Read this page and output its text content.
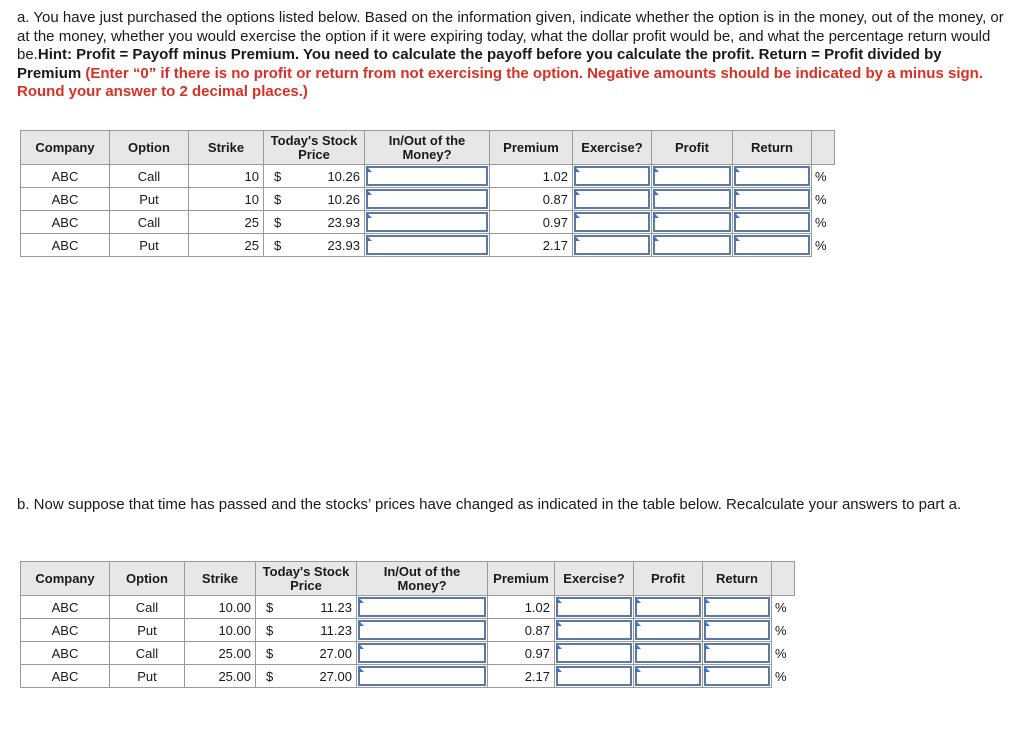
a. You have just purchased the options listed below. Based on the information given, indicate whether the option is in the money, out of the money, or at the money, whether you would exercise the option if it were expiring today, what the dollar profit would be, and what the percentage return would be.Hint: Profit = Payoff minus Premium. You need to calculate the payoff before you calculate the profit. Return = Profit divided by Premium (Enter “0” if there is no profit or return from not exercising the option. Negative amounts should be indicated by a minus sign. Round your answer to 2 decimal places.)
Company	Option	Strike	Today's Stock Price		In/Out of the Money?	Premium	Exercise?	Profit	Return	
ABC	Call	10	$	10.26		1.02				%
ABC	Put	10	$	10.26		0.87				%
ABC	Call	25	$	23.93		0.97				%
ABC	Put	25	$	23.93		2.17				%
b. Now suppose that time has passed and the stocks’ prices have changed as indicated in the table below. Recalculate your answers to part a.
Company	Option	Strike	Today's Stock Price		In/Out of the Money?	Premium	Exercise?	Profit	Return	
ABC	Call	10.00	$	11.23		1.02				%
ABC	Put	10.00	$	11.23		0.87				%
ABC	Call	25.00	$	27.00		0.97				%
ABC	Put	25.00	$	27.00		2.17				%
